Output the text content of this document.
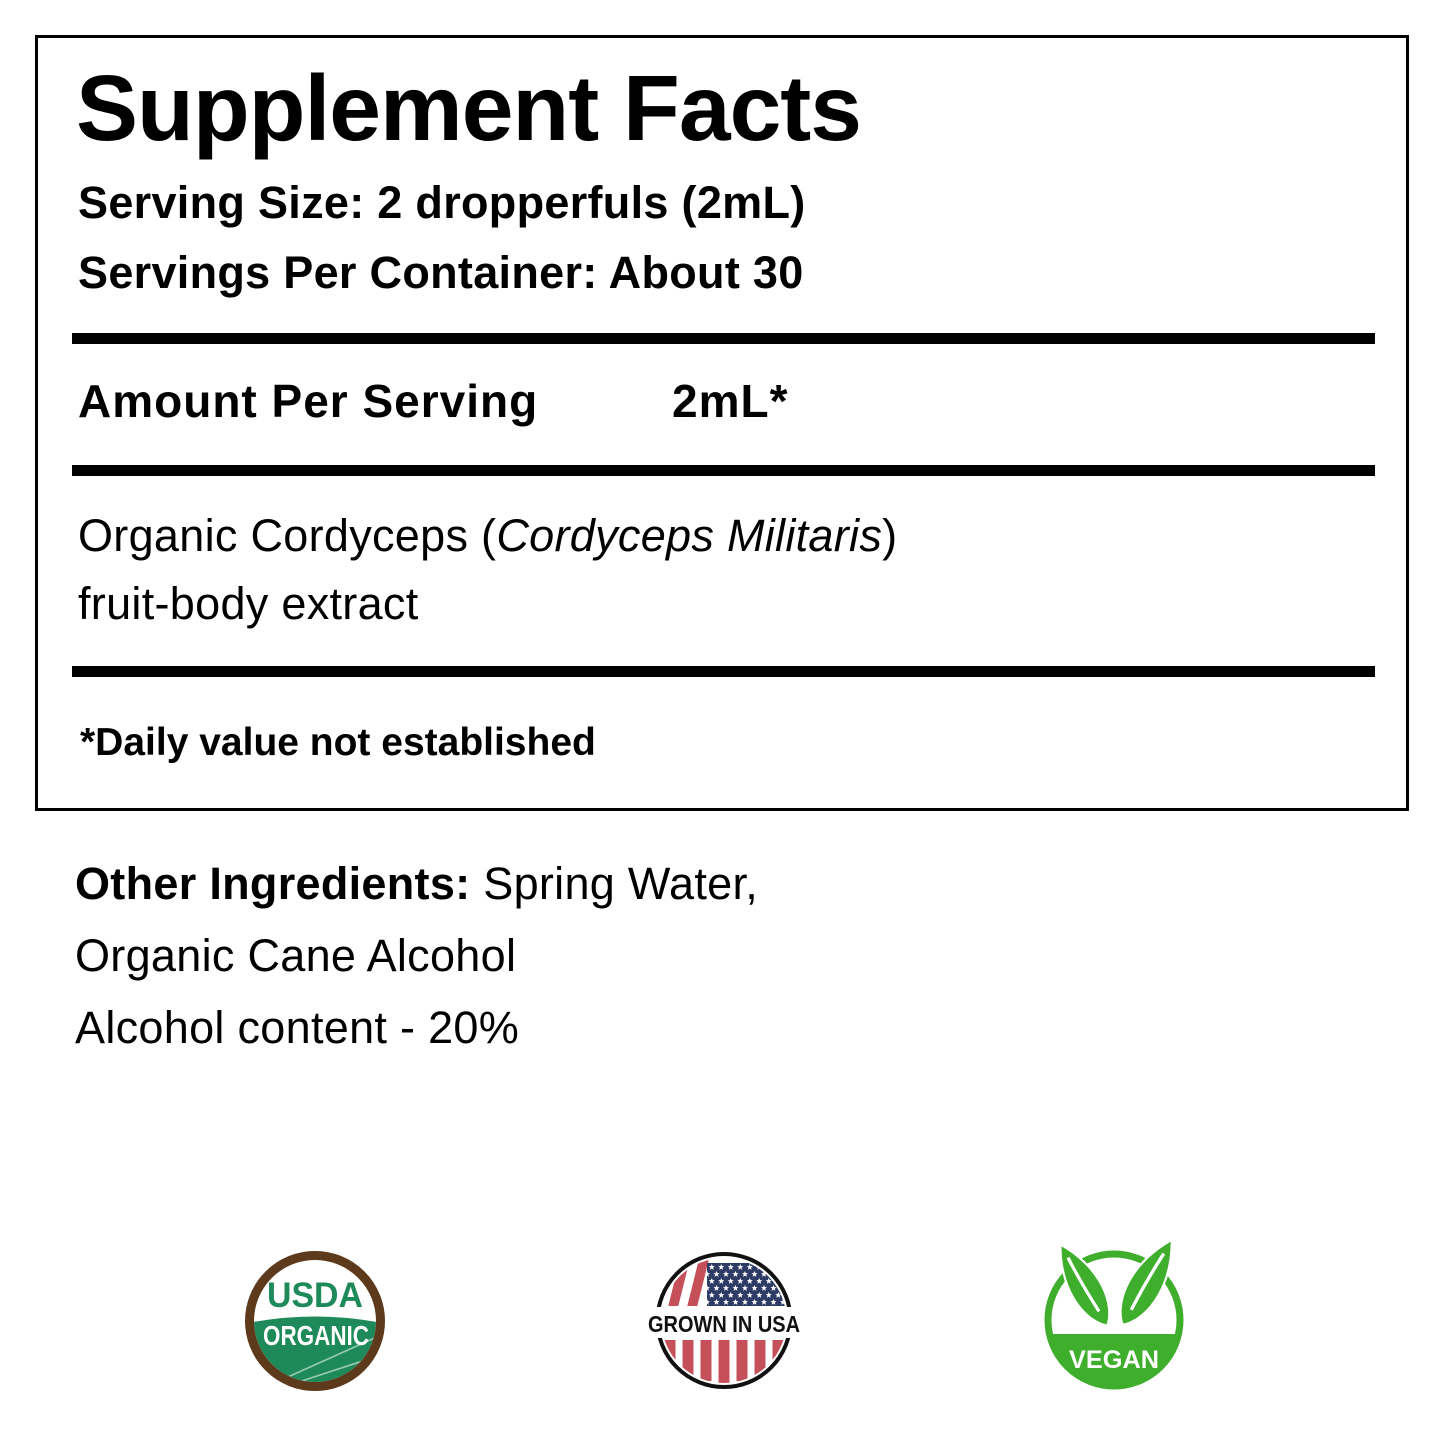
Supplement Facts
Serving Size: 2 dropperfuls (2mL)
Servings Per Container: About 30
Amount Per Serving	2mL*
Organic Cordyceps (Cordyceps Militaris)
fruit-body extract
*Daily value not established
Other Ingredients: Spring Water,
Organic Cane Alcohol
Alcohol content - 20%
USDA
ORGANIC	GROWN IN USA
VEGAN
